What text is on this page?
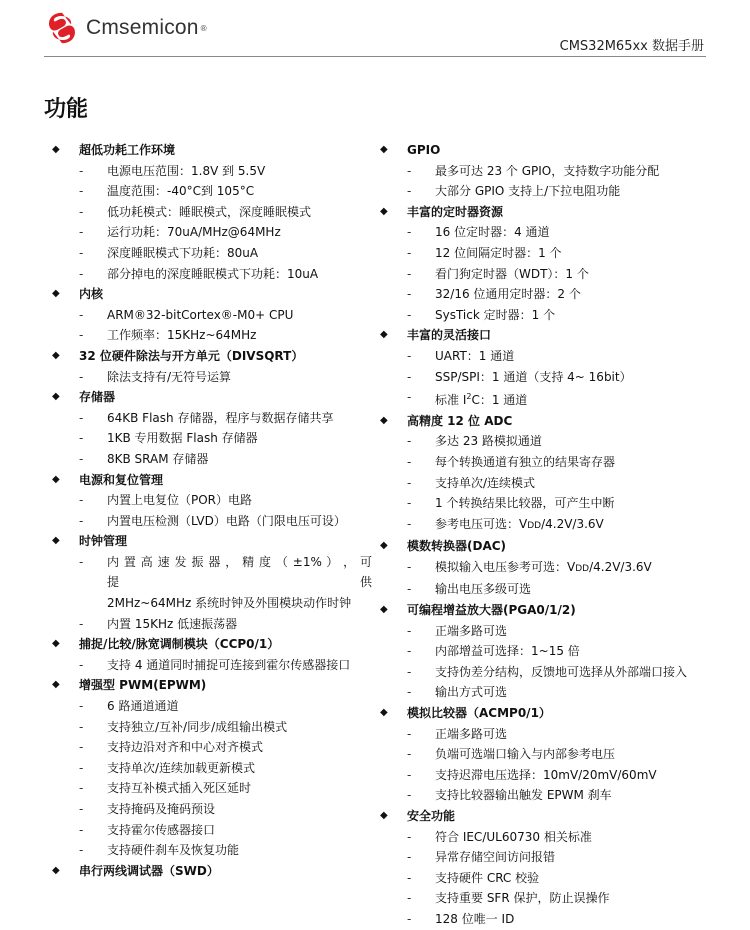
Cmsemicon ®
CMS32M65xx 数据手册
功能
◆	超低功耗工作环境
-	电源电压范围：1.8V 到 5.5V
-	温度范围：-40°C到 105°C
-	低功耗模式：睡眠模式，深度睡眠模式
-	运行功耗：70uA/MHz@64MHz
-	深度睡眠模式下功耗：80uA
-	部分掉电的深度睡眠模式下功耗：10uA
◆	内核
-	ARM®32-bitCortex®-M0+ CPU
-	工作频率：15KHz~64MHz
◆	32 位硬件除法与开方单元（DIVSQRT）
-	除法支持有/无符号运算
◆	存储器
-	64KB Flash 存储器，程序与数据存储共享
-	1KB 专用数据 Flash 存储器
-	8KB SRAM 存储器
◆	电源和复位管理
-	内置上电复位（POR）电路
-	内置电压检测（LVD）电路（门限电压可设）
◆	时钟管理
-	内 置 高 速 发 振 器 ， 精 度 （ ±1% ） ， 可 提 供
2MHz~64MHz 系统时钟及外围模块动作时钟
-	内置 15KHz 低速振荡器
◆	捕捉/比较/脉宽调制模块（CCP0/1）
-	支持 4 通道同时捕捉可连接到霍尔传感器接口
◆	增强型 PWM(EPWM)
-	6 路通道通道
-	支持独立/互补/同步/成组输出模式
-	支持边沿对齐和中心对齐模式
-	支持单次/连续加载更新模式
-	支持互补模式插入死区延时
-	支持掩码及掩码预设
-	支持霍尔传感器接口
-	支持硬件刹车及恢复功能
◆	串行两线调试器（SWD）
◆	GPIO
-	最多可达 23 个 GPIO，支持数字功能分配
-	大部分 GPIO 支持上/下拉电阻功能
◆	丰富的定时器资源
-	16 位定时器：4 通道
-	12 位间隔定时器：1 个
-	看门狗定时器（WDT）：1 个
-	32/16 位通用定时器：2 个
-	SysTick 定时器：1 个
◆	丰富的灵活接口
-	UART：1 通道
-	SSP/SPI：1 通道（支持 4~ 16bit）
-	标准 $I^2C$：1 通道
◆	高精度 12 位 ADC
-	多达 23 路模拟通道
-	每个转换通道有独立的结果寄存器
-	支持单次/连续模式
-	1 个转换结果比较器，可产生中断
-	参考电压可选：VDD/4.2V/3.6V
◆	模数转换器(DAC)
-	模拟输入电压参考可选：VDD/4.2V/3.6V
-	输出电压多级可选
◆	可编程增益放大器(PGA0/1/2)
-	正端多路可选
-	内部增益可选择：1~15 倍
-	支持伪差分结构，反馈地可选择从外部端口接入
-	输出方式可选
◆	模拟比较器（ACMP0/1）
-	正端多路可选
-	负端可选端口输入与内部参考电压
-	支持迟滞电压选择：10mV/20mV/60mV
-	支持比较器输出触发 EPWM 刹车
◆	安全功能
-	符合 IEC/UL60730 相关标准
-	异常存储空间访问报错
-	支持硬件 CRC 校验
-	支持重要 SFR 保护，防止误操作
-	128 位唯一 ID
